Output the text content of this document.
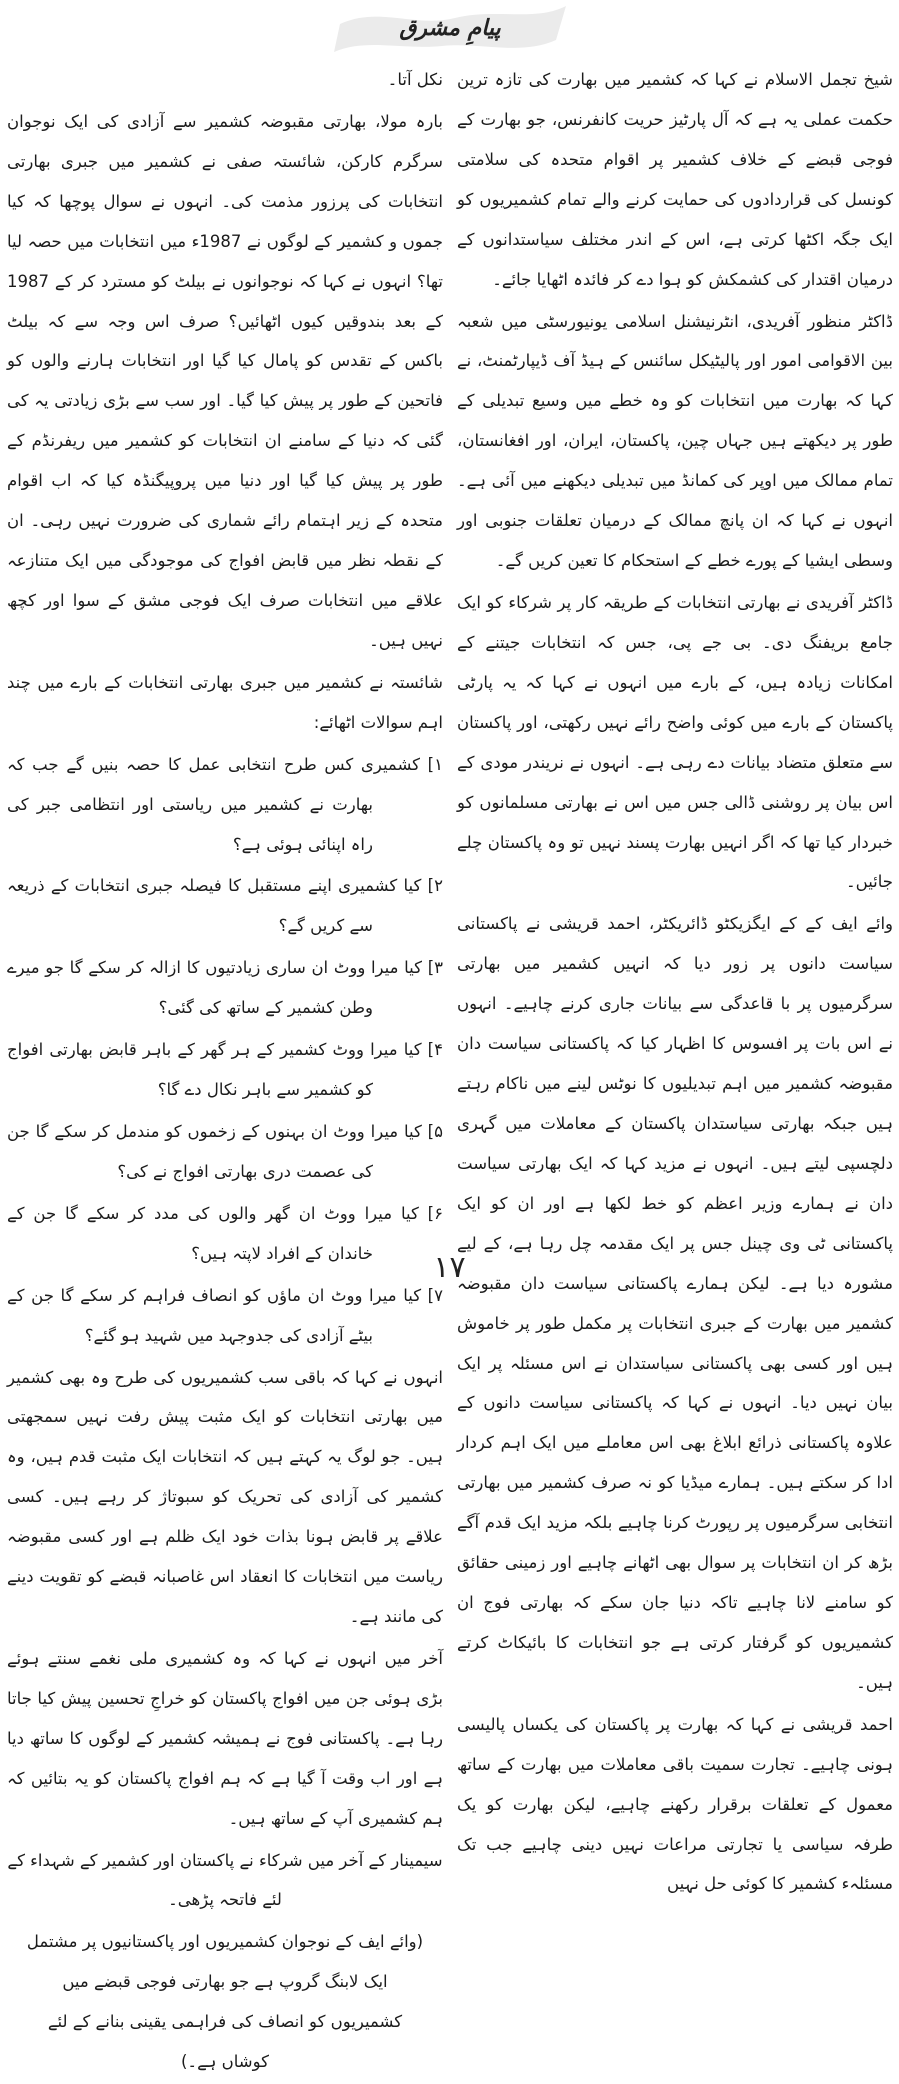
پیامِ مشرق

شیخ تجمل الاسلام نے کہا کہ کشمیر میں بھارت کی تازہ ترین حکمت عملی یہ ہے کہ آل پارٹیز حریت کانفرنس، جو بھارت کے فوجی قبضے کے خلاف کشمیر پر اقوام متحدہ کی سلامتی کونسل کی قراردادوں کی حمایت کرنے والے تمام کشمیریوں کو ایک جگہ اکٹھا کرتی ہے، اس کے اندر مختلف سیاستدانوں کے درمیان اقتدار کی کشمکش کو ہوا دے کر فائدہ اٹھایا جائے۔

ڈاکٹر منظور آفریدی، انٹرنیشنل اسلامی یونیورسٹی میں شعبہ بین الاقوامی امور اور پالیٹیکل سائنس کے ہیڈ آف ڈیپارٹمنٹ، نے کہا کہ بھارت میں انتخابات کو وہ خطے میں وسیع تبدیلی کے طور پر دیکھتے ہیں جہاں چین، پاکستان، ایران، اور افغانستان، تمام ممالک میں اوپر کی کمانڈ میں تبدیلی دیکھنے میں آئی ہے۔ انہوں نے کہا کہ ان پانچ ممالک کے درمیان تعلقات جنوبی اور وسطی ایشیا کے پورے خطے کے استحکام کا تعین کریں گے۔

ڈاکٹر آفریدی نے بھارتی انتخابات کے طریقہ کار پر شرکاء کو ایک جامع بریفنگ دی۔ بی جے پی، جس کہ انتخابات جیتنے کے امکانات زیادہ ہیں، کے بارے میں انہوں نے کہا کہ یہ پارٹی پاکستان کے بارے میں کوئی واضح رائے نہیں رکھتی، اور پاکستان سے متعلق متضاد بیانات دے رہی ہے۔ انہوں نے نریندر مودی کے اس بیان پر روشنی ڈالی جس میں اس نے بھارتی مسلمانوں کو خبردار کیا تھا کہ اگر انہیں بھارت پسند نہیں تو وہ پاکستان چلے جائیں۔

وائے ایف کے کے ایگزیکٹو ڈائریکٹر، احمد قریشی نے پاکستانی سیاست دانوں پر زور دیا کہ انہیں کشمیر میں بھارتی سرگرمیوں پر با قاعدگی سے بیانات جاری کرنے چاہیے۔ انہوں نے اس بات پر افسوس کا اظہار کیا کہ پاکستانی سیاست دان مقبوضہ کشمیر میں اہم تبدیلیوں کا نوٹس لینے میں ناکام رہتے ہیں جبکہ بھارتی سیاستدان پاکستان کے معاملات میں گہری دلچسپی لیتے ہیں۔ انہوں نے مزید کہا کہ ایک بھارتی سیاست دان نے ہمارے وزیر اعظم کو خط لکھا ہے اور ان کو ایک پاکستانی ٹی وی چینل جس پر ایک مقدمہ چل رہا ہے، کے لیے مشورہ دیا ہے۔ لیکن ہمارے پاکستانی سیاست دان مقبوضہ کشمیر میں بھارت کے جبری انتخابات پر مکمل طور پر خاموش ہیں اور کسی بھی پاکستانی سیاستدان نے اس مسئلہ پر ایک بیان نہیں دیا۔ انہوں نے کہا کہ پاکستانی سیاست دانوں کے علاوہ پاکستانی ذرائع ابلاغ بھی اس معاملے میں ایک اہم کردار ادا کر سکتے ہیں۔ ہمارے میڈیا کو نہ صرف کشمیر میں بھارتی انتخابی سرگرمیوں پر رپورٹ کرنا چاہیے بلکہ مزید ایک قدم آگے بڑھ کر ان انتخابات پر سوال بھی اٹھانے چاہیے اور زمینی حقائق کو سامنے لانا چاہیے تاکہ دنیا جان سکے کہ بھارتی فوج ان کشمیریوں کو گرفتار کرتی ہے جو انتخابات کا بائیکاٹ کرتے ہیں۔

احمد قریشی نے کہا کہ بھارت پر پاکستان کی یکساں پالیسی ہونی چاہیے۔ تجارت سمیت باقی معاملات میں بھارت کے ساتھ معمول کے تعلقات برقرار رکھنے چاہیے، لیکن بھارت کو یک طرفہ سیاسی یا تجارتی مراعات نہیں دینی چاہیے جب تک مسئلہء کشمیر کا کوئی حل نہیں

نکل آتا۔

بارہ مولا، بھارتی مقبوضہ کشمیر سے آزادی کی ایک نوجوان سرگرم کارکن، شائستہ صفی نے کشمیر میں جبری بھارتی انتخابات کی پرزور مذمت کی۔ انہوں نے سوال پوچھا کہ کیا جموں و کشمیر کے لوگوں نے 1987ء میں انتخابات میں حصہ لیا تھا؟ انہوں نے کہا کہ نوجوانوں نے بیلٹ کو مسترد کر کے 1987 کے بعد بندوقیں کیوں اٹھائیں؟ صرف اس وجہ سے کہ بیلٹ باکس کے تقدس کو پامال کیا گیا اور انتخابات ہارنے والوں کو فاتحین کے طور پر پیش کیا گیا۔ اور سب سے بڑی زیادتی یہ کی گئی کہ دنیا کے سامنے ان انتخابات کو کشمیر میں ریفرنڈم کے طور پر پیش کیا گیا اور دنیا میں پروپیگنڈہ کیا کہ اب اقوام متحدہ کے زیر اہتمام رائے شماری کی ضرورت نہیں رہی۔ ان کے نقطہ نظر میں قابض افواج کی موجودگی میں ایک متنازعہ علاقے میں انتخابات صرف ایک فوجی مشق کے سوا اور کچھ نہیں ہیں۔

شائستہ نے کشمیر میں جبری بھارتی انتخابات کے بارے میں چند اہم سوالات اٹھائے:

۱] کشمیری کس طرح انتخابی عمل کا حصہ بنیں گے جب کہ بھارت نے کشمیر میں ریاستی اور انتظامی جبر کی راہ اپنائی ہوئی ہے؟

۲] کیا کشمیری اپنے مستقبل کا فیصلہ جبری انتخابات کے ذریعہ سے کریں گے؟

۳] کیا میرا ووٹ ان ساری زیادتیوں کا ازالہ کر سکے گا جو میرے وطن کشمیر کے ساتھ کی گئی؟

۴] کیا میرا ووٹ کشمیر کے ہر گھر کے باہر قابض بھارتی افواج کو کشمیر سے باہر نکال دے گا؟

۵] کیا میرا ووٹ ان بہنوں کے زخموں کو مندمل کر سکے گا جن کی عصمت دری بھارتی افواج نے کی؟

۶] کیا میرا ووٹ ان گھر والوں کی مدد کر سکے گا جن کے خاندان کے افراد لاپتہ ہیں؟

۷] کیا میرا ووٹ ان ماؤں کو انصاف فراہم کر سکے گا جن کے بیٹے آزادی کی جدوجہد میں شہید ہو گئے؟

انہوں نے کہا کہ باقی سب کشمیریوں کی طرح وہ بھی کشمیر میں بھارتی انتخابات کو ایک مثبت پیش رفت نہیں سمجھتی ہیں۔ جو لوگ یہ کہتے ہیں کہ انتخابات ایک مثبت قدم ہیں، وہ کشمیر کی آزادی کی تحریک کو سبوتاژ کر رہے ہیں۔ کسی علاقے پر قابض ہونا بذات خود ایک ظلم ہے اور کسی مقبوضہ ریاست میں انتخابات کا انعقاد اس غاصبانہ قبضے کو تقویت دینے کی مانند ہے۔

آخر میں انہوں نے کہا کہ وہ کشمیری ملی نغمے سنتے ہوئے بڑی ہوئی جن میں افواج پاکستان کو خراجِ تحسین پیش کیا جاتا رہا ہے۔ پاکستانی فوج نے ہمیشہ کشمیر کے لوگوں کا ساتھ دیا ہے اور اب وقت آ گیا ہے کہ ہم افواج پاکستان کو یہ بتائیں کہ ہم کشمیری آپ کے ساتھ ہیں۔

سیمینار کے آخر میں شرکاء نے پاکستان اور کشمیر کے شہداء کے لئے فاتحہ پڑھی۔

(وائے ایف کے نوجوان کشمیریوں اور پاکستانیوں پر مشتمل ایک لابنگ گروپ ہے جو بھارتی فوجی قبضے میں کشمیریوں کو انصاف کی فراہمی یقینی بنانے کے لئے کوشاں ہے۔)

۱۷
